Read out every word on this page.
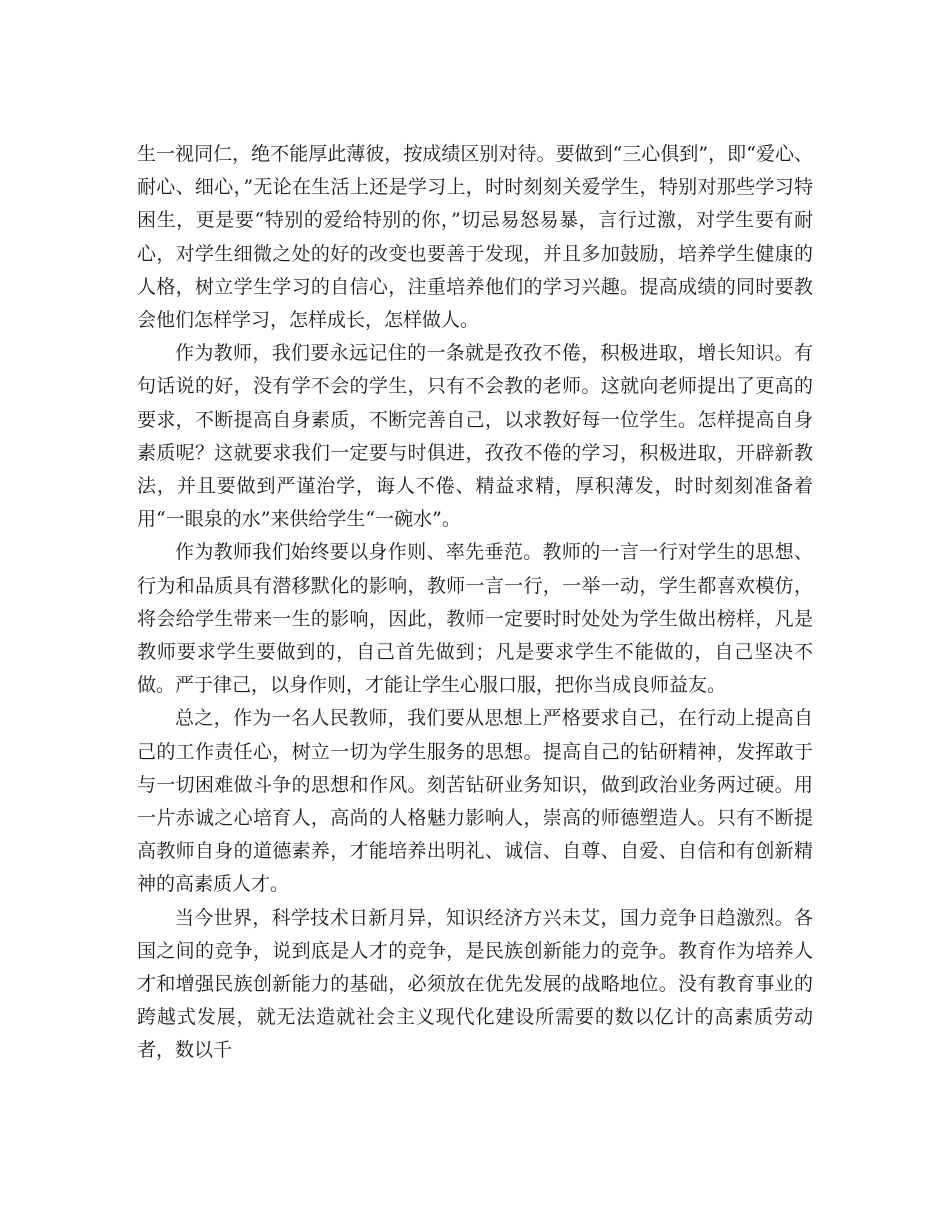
生一视同仁，绝不能厚此薄彼，按成绩区别对待。要做到“三心俱到”，即“爱心、耐心、细心，”无论在生活上还是学习上，时时刻刻关爱学生，特别对那些学习特困生，更是要“特别的爱给特别的你，”切忌易怒易暴，言行过激，对学生要有耐心，对学生细微之处的好的改变也要善于发现，并且多加鼓励，培养学生健康的人格，树立学生学习的自信心，注重培养他们的学习兴趣。提高成绩的同时要教会他们怎样学习，怎样成长，怎样做人。

作为教师，我们要永远记住的一条就是孜孜不倦，积极进取，增长知识。有句话说的好，没有学不会的学生，只有不会教的老师。这就向老师提出了更高的要求，不断提高自身素质，不断完善自己，以求教好每一位学生。怎样提高自身素质呢？这就要求我们一定要与时俱进，孜孜不倦的学习，积极进取，开辟新教法，并且要做到严谨治学，诲人不倦、精益求精，厚积薄发，时时刻刻准备着用“一眼泉的水”来供给学生“一碗水”。

作为教师我们始终要以身作则、率先垂范。教师的一言一行对学生的思想、行为和品质具有潜移默化的影响，教师一言一行，一举一动，学生都喜欢模仿，将会给学生带来一生的影响，因此，教师一定要时时处处为学生做出榜样，凡是教师要求学生要做到的，自己首先做到；凡是要求学生不能做的，自己坚决不做。严于律己，以身作则，才能让学生心服口服，把你当成良师益友。

总之，作为一名人民教师，我们要从思想上严格要求自己，在行动上提高自己的工作责任心，树立一切为学生服务的思想。提高自己的钻研精神，发挥敢于与一切困难做斗争的思想和作风。刻苦钻研业务知识，做到政治业务两过硬。用一片赤诚之心培育人，高尚的人格魅力影响人，崇高的师德塑造人。只有不断提高教师自身的道德素养，才能培养出明礼、诚信、自尊、自爱、自信和有创新精神的高素质人才。

当今世界，科学技术日新月异，知识经济方兴未艾，国力竞争日趋激烈。各国之间的竞争，说到底是人才的竞争，是民族创新能力的竞争。教育作为培养人才和增强民族创新能力的基础，必须放在优先发展的战略地位。没有教育事业的跨越式发展，就无法造就社会主义现代化建设所需要的数以亿计的高素质劳动者，数以千
